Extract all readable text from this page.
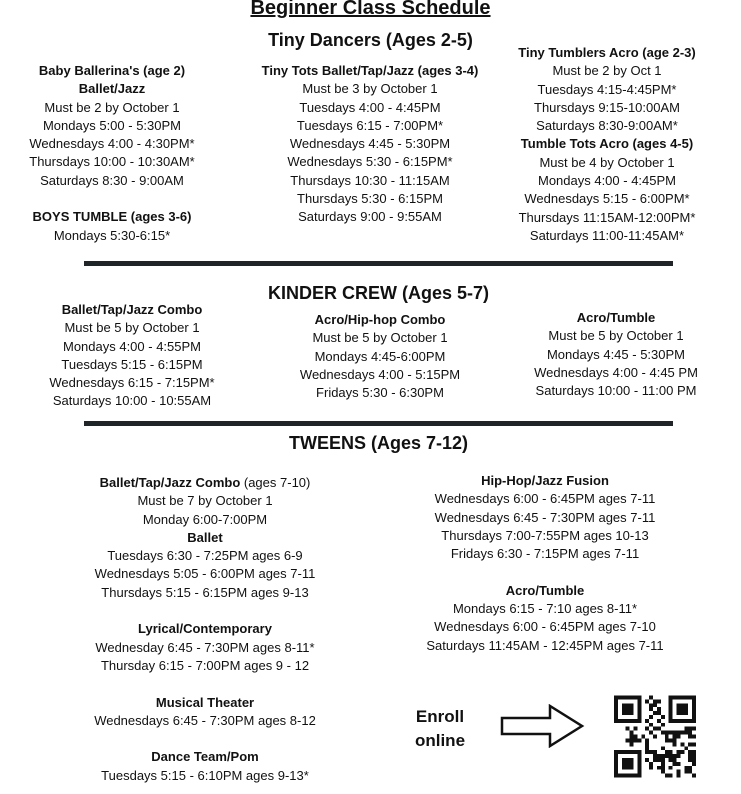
Beginner Class Schedule
Tiny Dancers (Ages 2-5)
Baby Ballerina's (age 2)
Ballet/Jazz
Must be 2 by October 1
Mondays 5:00 - 5:30PM
Wednesdays 4:00 - 4:30PM*
Thursdays 10:00 - 10:30AM*
Saturdays 8:30 - 9:00AM
BOYS TUMBLE (ages 3-6)
Mondays 5:30-6:15*
Tiny Tots Ballet/Tap/Jazz (ages 3-4)
Must be 3 by October 1
Tuesdays 4:00 - 4:45PM
Tuesdays 6:15 - 7:00PM*
Wednesdays 4:45 - 5:30PM
Wednesdays 5:30 - 6:15PM*
Thursdays 10:30 - 11:15AM
Thursdays 5:30 - 6:15PM
Saturdays 9:00 - 9:55AM
Tiny Tumblers Acro (age 2-3)
Must be 2 by Oct 1
Tuesdays 4:15-4:45PM*
Thursdays 9:15-10:00AM
Saturdays 8:30-9:00AM*
Tumble Tots Acro (ages 4-5)
Must be 4 by October 1
Mondays 4:00 - 4:45PM
Wednesdays 5:15 - 6:00PM*
Thursdays 11:15AM-12:00PM*
Saturdays 11:00-11:45AM*
KINDER CREW (Ages 5-7)
Ballet/Tap/Jazz Combo
Must be 5 by October 1
Mondays 4:00 - 4:55PM
Tuesdays 5:15 - 6:15PM
Wednesdays 6:15 - 7:15PM*
Saturdays 10:00 - 10:55AM
Acro/Hip-hop Combo
Must be 5 by October 1
Mondays 4:45-6:00PM
Wednesdays 4:00 - 5:15PM
Fridays 5:30 - 6:30PM
Acro/Tumble
Must be 5 by October 1
Mondays 4:45 - 5:30PM
Wednesdays 4:00 - 4:45 PM
Saturdays 10:00 - 11:00 PM
TWEENS (Ages 7-12)
Ballet/Tap/Jazz Combo (ages 7-10)
Must be 7 by October 1
Monday 6:00-7:00PM
Ballet
Tuesdays 6:30 - 7:25PM ages 6-9
Wednesdays 5:05 - 6:00PM ages 7-11
Thursdays 5:15 - 6:15PM ages 9-13
Lyrical/Contemporary
Wednesday 6:45 - 7:30PM ages 8-11*
Thursday 6:15 - 7:00PM ages 9 - 12
Musical Theater
Wednesdays 6:45 - 7:30PM ages 8-12
Dance Team/Pom
Tuesdays 5:15 - 6:10PM ages 9-13*
Hip-Hop/Jazz Fusion
Wednesdays 6:00 - 6:45PM ages 7-11
Wednesdays 6:45 - 7:30PM ages 7-11
Thursdays 7:00-7:55PM ages 10-13
Fridays 6:30 - 7:15PM ages 7-11
Acro/Tumble
Mondays 6:15 - 7:10 ages 8-11*
Wednesdays 6:00 - 6:45PM ages 7-10
Saturdays 11:45AM - 12:45PM ages 7-11
Enroll
online
